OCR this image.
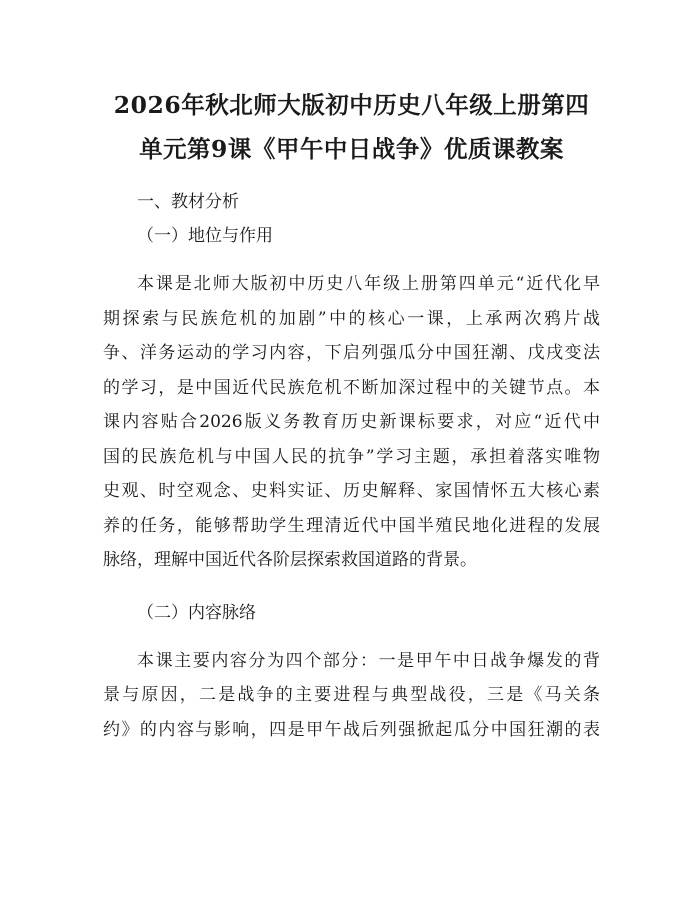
2026年秋北师大版初中历史八年级上册第四
单元第9课《甲午中日战争》优质课教案

一、教材分析

（一）地位与作用

本课是北师大版初中历史八年级上册第四单元“近代化早
期探索与民族危机的加剧”中的核心一课，上承两次鸦片战
争、洋务运动的学习内容，下启列强瓜分中国狂潮、戊戌变法
的学习，是中国近代民族危机不断加深过程中的关键节点。本
课内容贴合2026版义务教育历史新课标要求，对应“近代中
国的民族危机与中国人民的抗争”学习主题，承担着落实唯物
史观、时空观念、史料实证、历史解释、家国情怀五大核心素
养的任务，能够帮助学生理清近代中国半殖民地化进程的发展
脉络，理解中国近代各阶层探索救国道路的背景。

（二）内容脉络

本课主要内容分为四个部分：一是甲午中日战争爆发的背
景与原因，二是战争的主要进程与典型战役，三是《马关条
约》的内容与影响，四是甲午战后列强掀起瓜分中国狂潮的表
